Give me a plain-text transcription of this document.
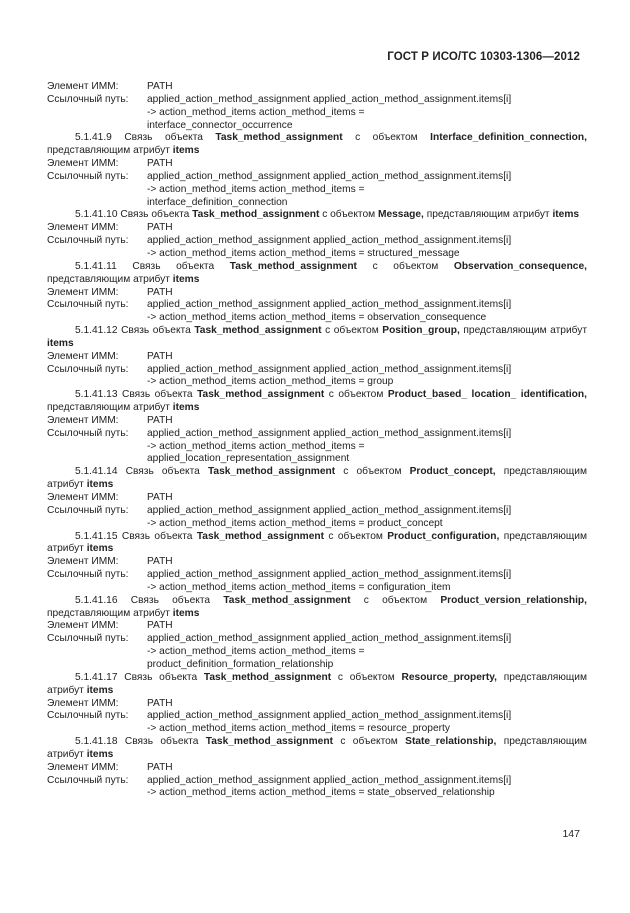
ГОСТ Р ИСО/ТС 10303-1306—2012
Элемент ИММ:	PATH
Ссылочный путь:	applied_action_method_assignment applied_action_method_assignment.items[i]
-> action_method_items action_method_items =
interface_connector_occurrence
5.1.41.9 Связь объекта Task_method_assignment с объектом Interface_definition_connection, представляющим атрибут items
Элемент ИММ:	PATH
Ссылочный путь:	applied_action_method_assignment applied_action_method_assignment.items[i]
-> action_method_items action_method_items =
interface_definition_connection
5.1.41.10 Связь объекта Task_method_assignment с объектом Message, представляющим атрибут items
Элемент ИММ:	PATH
Ссылочный путь:	applied_action_method_assignment applied_action_method_assignment.items[i]
-> action_method_items action_method_items = structured_message
5.1.41.11 Связь объекта Task_method_assignment с объектом Observation_consequence, представляющим атрибут items
Элемент ИММ:	PATH
Ссылочный путь:	applied_action_method_assignment applied_action_method_assignment.items[i]
-> action_method_items action_method_items = observation_consequence
5.1.41.12 Связь объекта Task_method_assignment с объектом Position_group, представляющим атрибут items
Элемент ИММ:	PATH
Ссылочный путь:	applied_action_method_assignment applied_action_method_assignment.items[i]
-> action_method_items action_method_items = group
5.1.41.13 Связь объекта Task_method_assignment с объектом Product_based_ location_ identification, представляющим атрибут items
Элемент ИММ:	PATH
Ссылочный путь:	applied_action_method_assignment applied_action_method_assignment.items[i]
-> action_method_items action_method_items =
applied_location_representation_assignment
5.1.41.14 Связь объекта Task_method_assignment с объектом Product_concept, представляющим атрибут items
Элемент ИММ:	PATH
Ссылочный путь:	applied_action_method_assignment applied_action_method_assignment.items[i]
-> action_method_items action_method_items = product_concept
5.1.41.15 Связь объекта Task_method_assignment с объектом Product_configuration, представляющим атрибут items
Элемент ИММ:	PATH
Ссылочный путь:	applied_action_method_assignment applied_action_method_assignment.items[i]
-> action_method_items action_method_items = configuration_item
5.1.41.16 Связь объекта Task_method_assignment с объектом Product_version_relationship, представляющим атрибут items
Элемент ИММ:	PATH
Ссылочный путь:	applied_action_method_assignment applied_action_method_assignment.items[i]
-> action_method_items action_method_items =
product_definition_formation_relationship
5.1.41.17 Связь объекта Task_method_assignment с объектом Resource_property, представляющим атрибут items
Элемент ИММ:	PATH
Ссылочный путь:	applied_action_method_assignment applied_action_method_assignment.items[i]
-> action_method_items action_method_items = resource_property
5.1.41.18 Связь объекта Task_method_assignment с объектом State_relationship, представляющим атрибут items
Элемент ИММ:	PATH
Ссылочный путь:	applied_action_method_assignment applied_action_method_assignment.items[i]
-> action_method_items action_method_items = state_observed_relationship
147
